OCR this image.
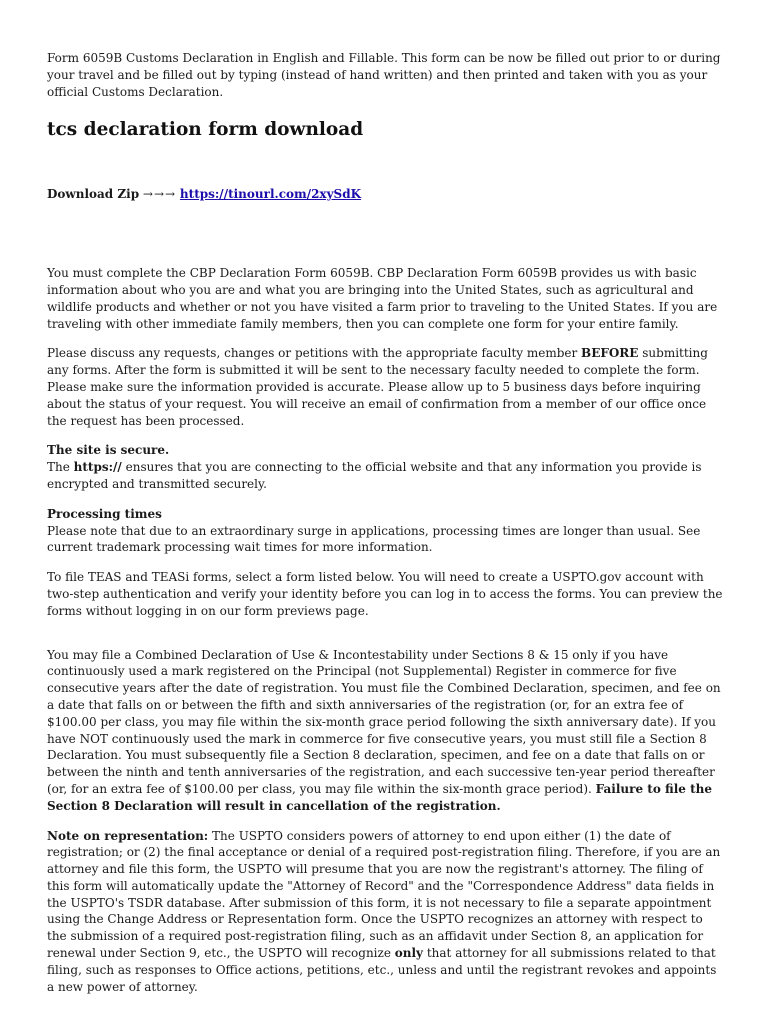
Form 6059B Customs Declaration in English and Fillable. This form can be now be filled out prior to or during your travel and be filled out by typing (instead of hand written) and then printed and taken with you as your official Customs Declaration.

tcs declaration form download

Download Zip →→→ https://tinourl.com/2xySdK

You must complete the CBP Declaration Form 6059B. CBP Declaration Form 6059B provides us with basic information about who you are and what you are bringing into the United States, such as agricultural and wildlife products and whether or not you have visited a farm prior to traveling to the United States. If you are traveling with other immediate family members, then you can complete one form for your entire family.

Please discuss any requests, changes or petitions with the appropriate faculty member BEFORE submitting any forms. After the form is submitted it will be sent to the necessary faculty needed to complete the form. Please make sure the information provided is accurate. Please allow up to 5 business days before inquiring about the status of your request. You will receive an email of confirmation from a member of our office once the request has been processed.

The site is secure.
The https:// ensures that you are connecting to the official website and that any information you provide is encrypted and transmitted securely.

Processing times
Please note that due to an extraordinary surge in applications, processing times are longer than usual. See current trademark processing wait times for more information.

To file TEAS and TEASi forms, select a form listed below. You will need to create a USPTO.gov account with two-step authentication and verify your identity before you can log in to access the forms. You can preview the forms without logging in on our form previews page.

You may file a Combined Declaration of Use & Incontestability under Sections 8 & 15 only if you have continuously used a mark registered on the Principal (not Supplemental) Register in commerce for five consecutive years after the date of registration. You must file the Combined Declaration, specimen, and fee on a date that falls on or between the fifth and sixth anniversaries of the registration (or, for an extra fee of $100.00 per class, you may file within the six-month grace period following the sixth anniversary date). If you have NOT continuously used the mark in commerce for five consecutive years, you must still file a Section 8 Declaration. You must subsequently file a Section 8 declaration, specimen, and fee on a date that falls on or between the ninth and tenth anniversaries of the registration, and each successive ten-year period thereafter (or, for an extra fee of $100.00 per class, you may file within the six-month grace period). Failure to file the Section 8 Declaration will result in cancellation of the registration.

Note on representation: The USPTO considers powers of attorney to end upon either (1) the date of registration; or (2) the final acceptance or denial of a required post-registration filing. Therefore, if you are an attorney and file this form, the USPTO will presume that you are now the registrant's attorney. The filing of this form will automatically update the "Attorney of Record" and the "Correspondence Address" data fields in the USPTO's TSDR database. After submission of this form, it is not necessary to file a separate appointment using the Change Address or Representation form. Once the USPTO recognizes an attorney with respect to the submission of a required post-registration filing, such as an affidavit under Section 8, an application for renewal under Section 9, etc., the USPTO will recognize only that attorney for all submissions related to that filing, such as responses to Office actions, petitions, etc., unless and until the registrant revokes and appoints a new power of attorney.
